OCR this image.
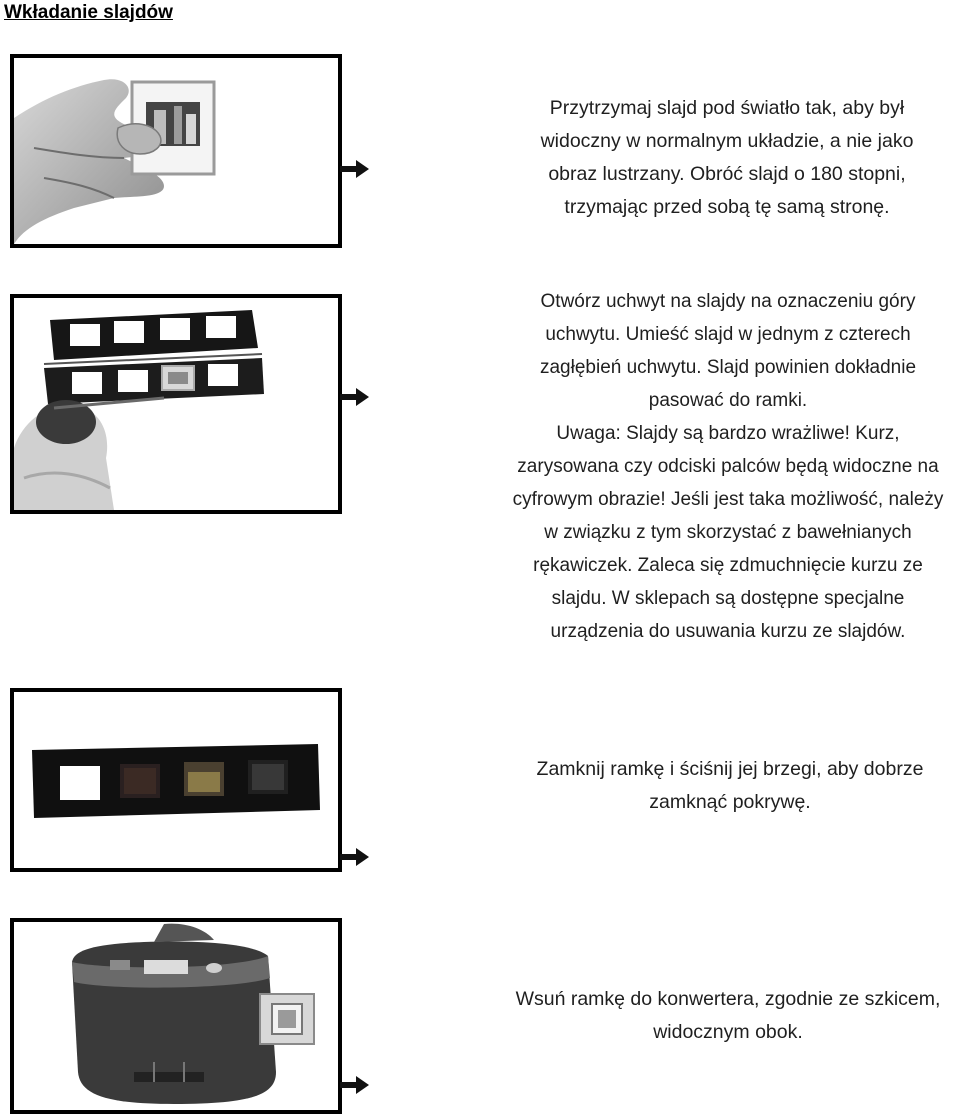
Wkładanie slajdów
Przytrzymaj slajd pod światło tak, aby był widoczny w normalnym układzie, a nie jako obraz lustrzany. Obróć slajd o 180 stopni, trzymając przed sobą tę samą stronę.

Otwórz uchwyt na slajdy na oznaczeniu góry uchwytu. Umieść slajd w jednym z czterech zagłębień uchwytu. Slajd powinien dokładnie pasować do ramki.

Uwaga: Slajdy są bardzo wrażliwe! Kurz, zarysowana czy odciski palców będą widoczne na cyfrowym obrazie! Jeśli jest taka możliwość, należy w związku z tym skorzystać z bawełnianych rękawiczek. Zaleca się zdmuchnięcie kurzu ze slajdu. W sklepach są dostępne specjalne urządzenia do usuwania kurzu ze slajdów.

Zamknij ramkę i ściśnij jej brzegi, aby dobrze zamknąć pokrywę.
Wsuń ramkę do konwertera, zgodnie ze szkicem, widocznym obok.
